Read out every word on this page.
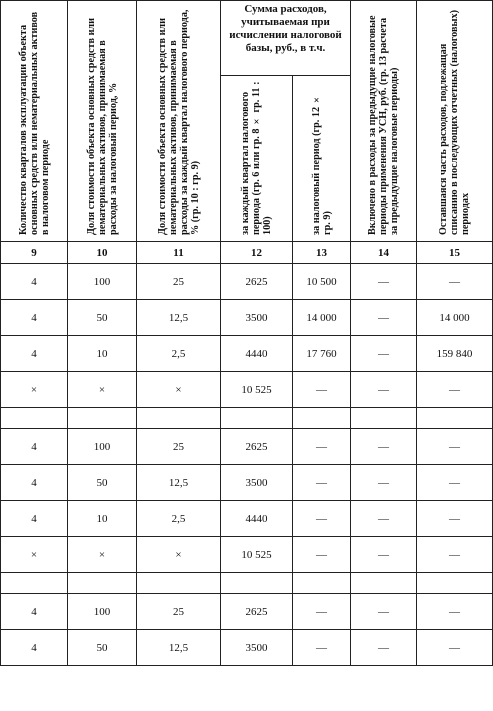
Количество кварталов эксплуатации объекта основных средств или нематериальных активов в налоговом периоде	Доля стоимости объекта основных средств или нематериальных активов, принимаемая в расходы за налоговый период, %	Доля стоимости объекта основных средств или нематериальных активов, принимаемая в расходы за каждый квартал налогового периода, % (гр. 10 : гр. 9)	Сумма расходов, учитываемая при исчислении налоговой базы, руб., в т.ч.		Включено в расходы за предыдущие налоговые периоды применения УСН, руб. (гр. 13 расчета за предыдущие налоговые периоды)	Оставшаяся часть расходов, подлежащая списанию в последующих отчетных (налоговых) периодах
			за каждый квартал налогового периода (гр. 6 или гр. 8 × гр. 11 : 100)	за налоговый период (гр. 12 × гр. 9)		
9	10	11	12	13	14	15
4	100	25	2625	10 500	—	—
4	50	12,5	3500	14 000	—	14 000
4	10	2,5	4440	17 760	—	159 840
×	×	×	10 525	—	—	—

4	100	25	2625	—	—	—
4	50	12,5	3500	—	—	—
4	10	2,5	4440	—	—	—
×	×	×	10 525	—	—	—

4	100	25	2625	—	—	—
4	50	12,5	3500	—	—	—
